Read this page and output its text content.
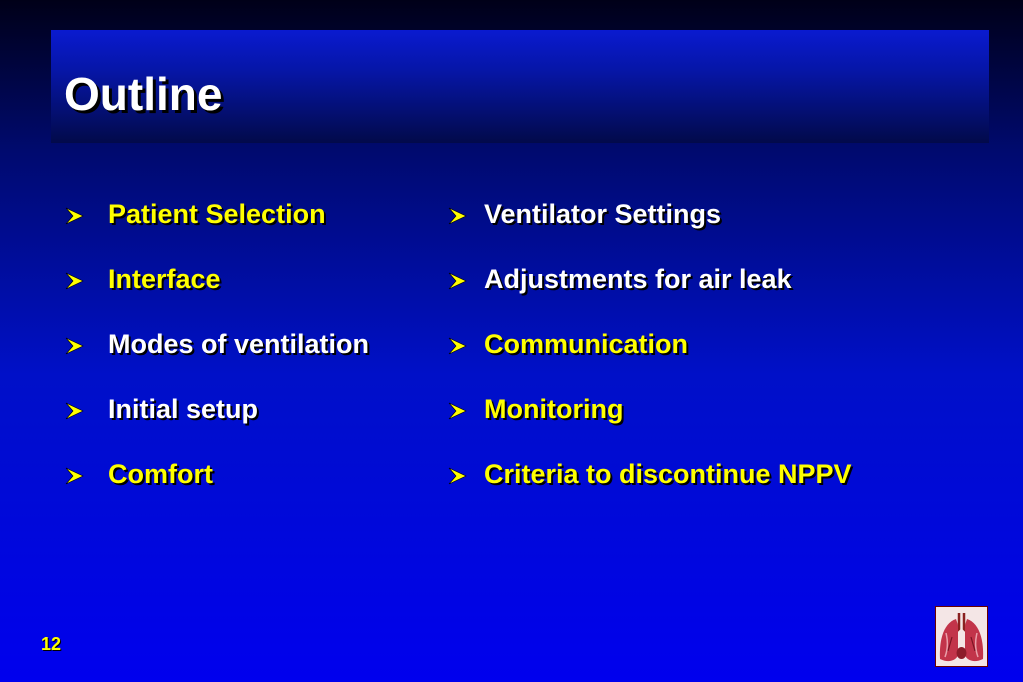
Outline
Patient Selection
Interface
Modes of ventilation
Initial setup
Comfort
Ventilator Settings
Adjustments for air leak
Communication
Monitoring
Criteria to discontinue NPPV
12
